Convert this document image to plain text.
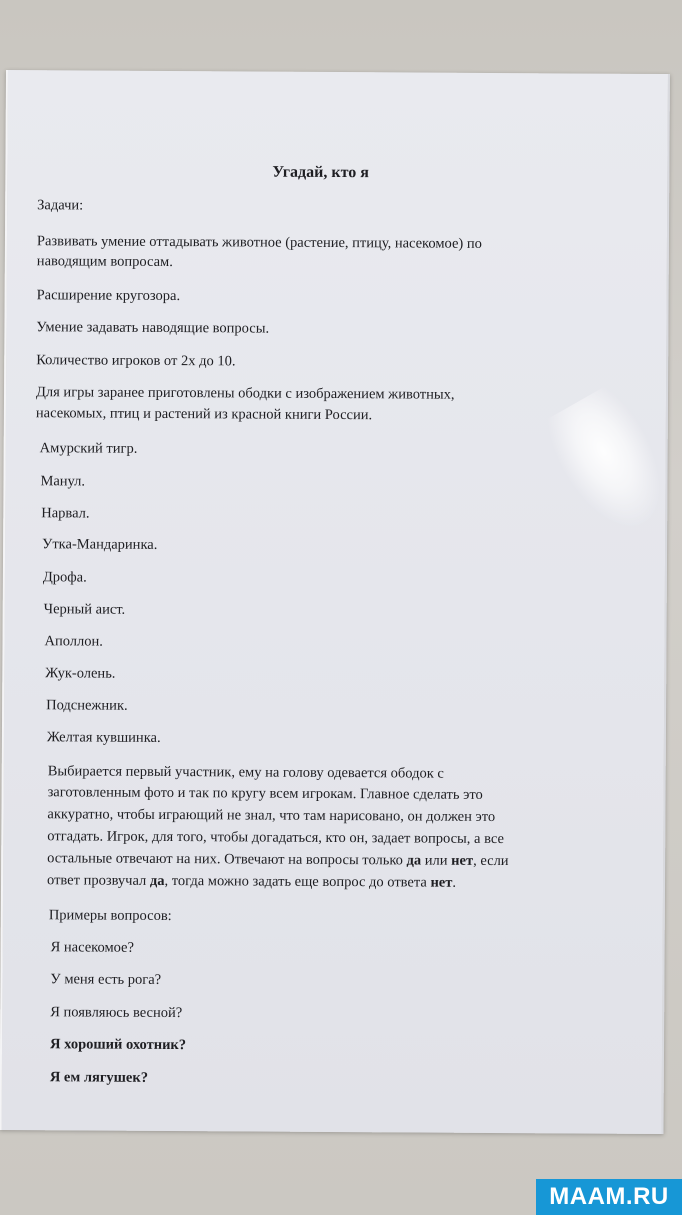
Угадай, кто я
Задачи:
Развивать умение оттадывать животное (растение, птицу, насекомое) по
наводящим вопросам.
Расширение кругозора.
Умение задавать наводящие вопросы.
Количество игроков от 2х до 10.
Для игры заранее приготовлены ободки с изображением животных,
насекомых, птиц и растений из красной книги России.
Амурский тигр.
Манул.
Нарвал.
Утка-Мандаринка.
Дрофа.
Черный аист.
Аполлон.
Жук-олень.
Подснежник.
Желтая кувшинка.
Выбирается первый участник, ему на голову одевается ободок с
заготовленным фото и так по кругу всем игрокам. Главное сделать это
аккуратно, чтобы играющий не знал, что там нарисовано, он должен это
отгадать. Игрок, для того, чтобы догадаться, кто он, задает вопросы, а все
остальные отвечают на них. Отвечают на вопросы только да или нет, если
ответ прозвучал да, тогда можно задать еще вопрос до ответа нет.
Примеры вопросов:
Я насекомое?
У меня есть рога?
Я появляюсь весной?
Я хороший охотник?
Я ем лягушек?
MAAM.RU
